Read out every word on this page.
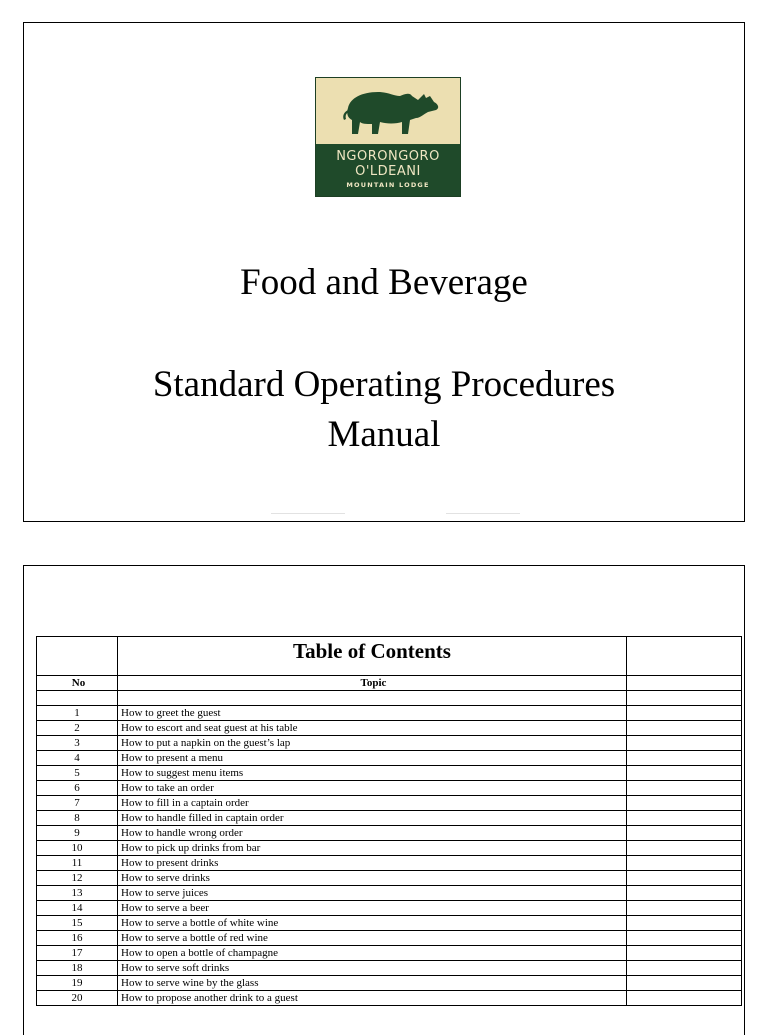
NGORONGORO
O'LDEANI
MOUNTAIN LODGE
Food and Beverage
Standard Operating Procedures
Manual
	Table of Contents	
No	Topic	

1	How to greet the guest	
2	How to escort and seat guest at his table	
3	How to put a napkin on the guest’s lap	
4	How to present a menu	
5	How to suggest menu items	
6	How to take an order	
7	How to fill in a captain order	
8	How to handle filled in captain order	
9	How to handle wrong order	
10	How to pick up drinks from bar	
11	How to present drinks	
12	How to serve drinks	
13	How to serve juices	
14	How to serve a beer	
15	How to serve a bottle of white wine	
16	How to serve a bottle of red wine	
17	How to open a bottle of champagne	
18	How to serve soft drinks	
19	How to serve wine by the glass	
20	How to propose another drink to a guest	
